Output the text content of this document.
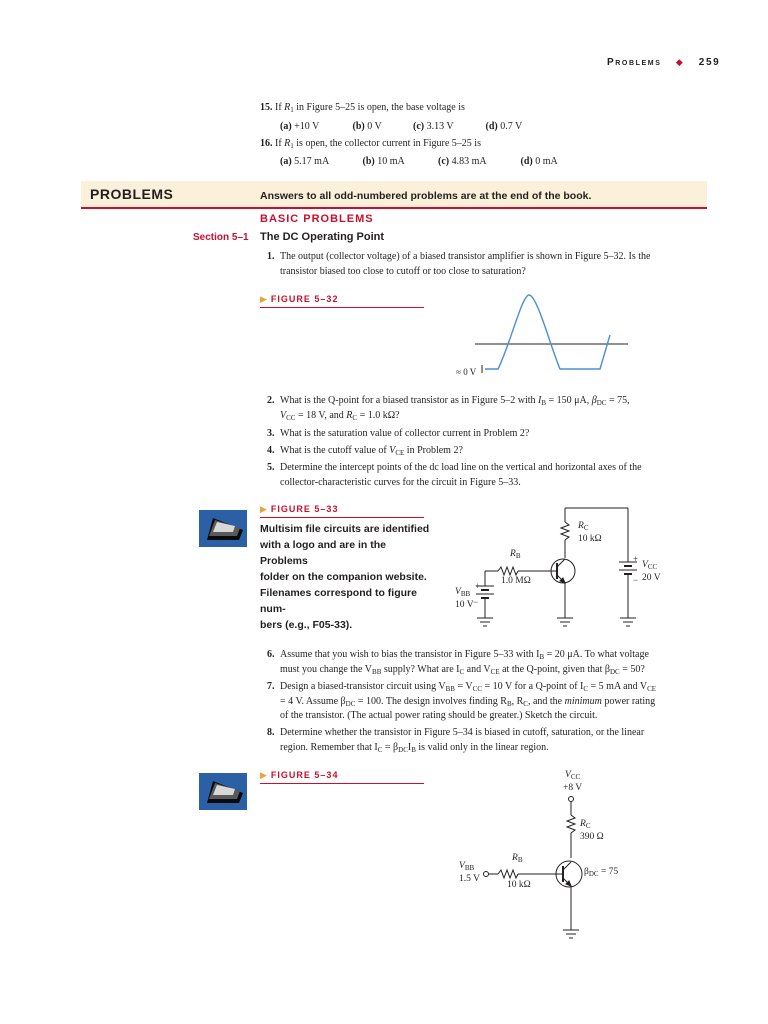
Problems ◆ 259
15. If $R_1$ in Figure 5–25 is open, the base voltage is
(a) +10 V	(b) 0 V	(c) 3.13 V	(d) 0.7 V
16. If $R_1$ is open, the collector current in Figure 5–25 is
(a) 5.17 mA	(b) 10 mA	(c) 4.83 mA	(d) 0 mA
PROBLEMS	Answers to all odd-numbered problems are at the end of the book.
BASIC PROBLEMS
Section 5–1 The DC Operating Point
1. The output (collector voltage) of a biased transistor amplifier is shown in Figure 5–32. Is the
transistor biased too close to cutoff or too close to saturation?
▶ FIGURE 5–32
≈ 0 V
2. What is the Q-point for a biased transistor as in Figure 5–2 with $I_B = 150$ μA, $\beta_{DC} = 75$,
$V_{CC} = 18$ V, and $R_C = 1.0$ kΩ?
3. What is the saturation value of collector current in Problem 2?
4. What is the cutoff value of $V_{CE}$ in Problem 2?
5. Determine the intercept points of the dc load line on the vertical and horizontal axes of the
collector-characteristic curves for the circuit in Figure 5–33.
▶ FIGURE 5–33
Multisim file circuits are identified
with a logo and are in the Problems
folder on the companion website.
Filenames correspond to figure num-
bers (e.g., F05-33).
$R_C$
10 kΩ
$R_B$
1.0 MΩ
+
$V_{CC}$
20 V
−
+
$V_{BB}$
10 V −
6. Assume that you wish to bias the transistor in Figure 5–33 with $I_B = 20$ μA. To what voltage
must you change the $V_{BB}$ supply? What are $I_C$ and $V_{CE}$ at the Q-point, given that $\beta_{DC} = 50$?
7. Design a biased-transistor circuit using $V_{BB} = V_{CC} = 10$ V for a Q-point of $I_C = 5$ mA and $V_{CE}$
= 4 V. Assume $\beta_{DC} = 100$. The design involves finding $R_B$, $R_C$, and the minimum power rating
of the transistor. (The actual power rating should be greater.) Sketch the circuit.
8. Determine whether the transistor in Figure 5–34 is biased in cutoff, saturation, or the linear
region. Remember that $I_C = \beta_{DC}I_B$ is valid only in the linear region.
▶ FIGURE 5–34	$V_{CC}$
+8 V
$R_C$
390 Ω
$R_B$
10 kΩ
$V_{BB}$
1.5 V
$\beta_{DC} = 75$
